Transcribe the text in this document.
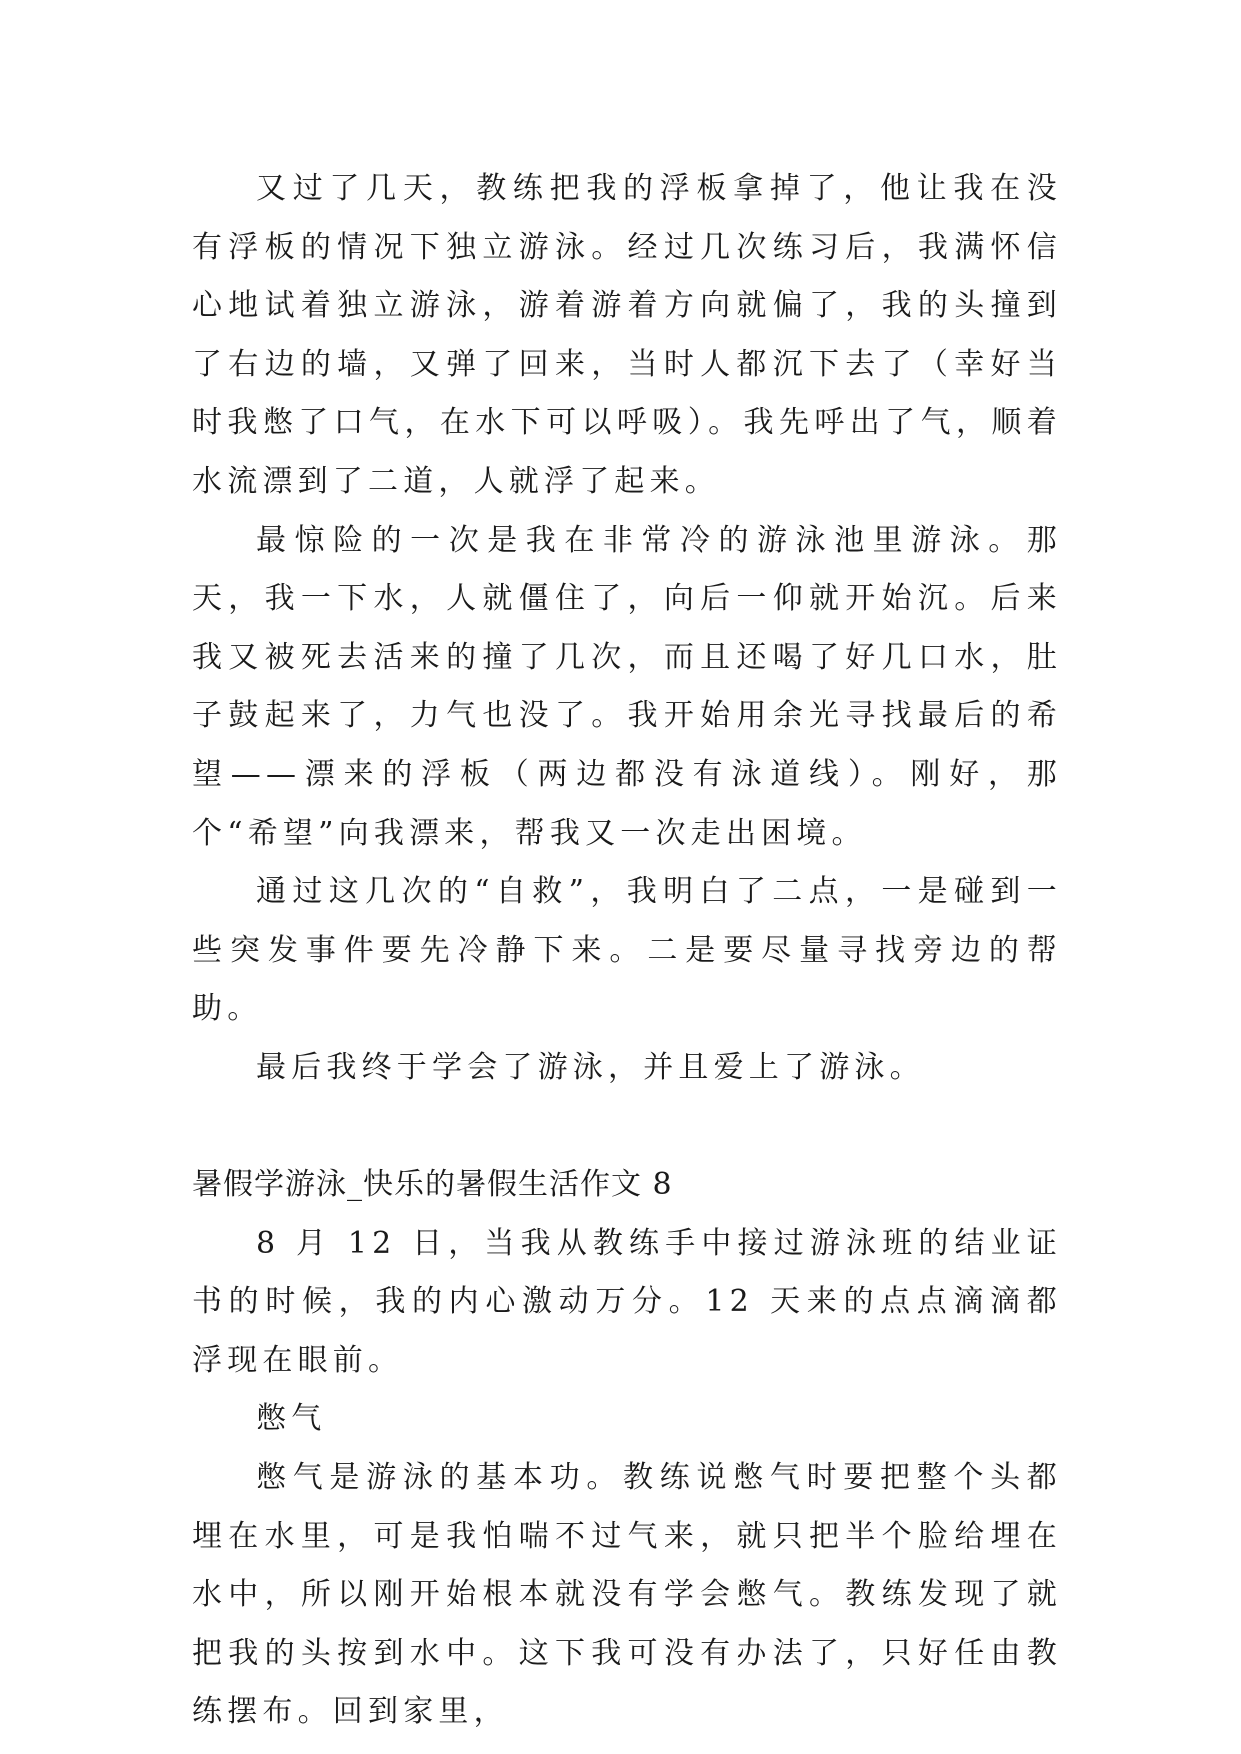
又过了几天，教练把我的浮板拿掉了，他让我在没有浮板的情况下独立游泳。经过几次练习后，我满怀信心地试着独立游泳，游着游着方向就偏了，我的头撞到了右边的墙，又弹了回来，当时人都沉下去了（幸好当时我憋了口气，在水下可以呼吸）。我先呼出了气，顺着水流漂到了二道，人就浮了起来。

最惊险的一次是我在非常冷的游泳池里游泳。那天，我一下水，人就僵住了，向后一仰就开始沉。后来我又被死去活来的撞了几次，而且还喝了好几口水，肚子鼓起来了，力气也没了。我开始用余光寻找最后的希望——漂来的浮板（两边都没有泳道线）。刚好，那个“希望”向我漂来，帮我又一次走出困境。

通过这几次的“自救”，我明白了二点，一是碰到一些突发事件要先冷静下来。二是要尽量寻找旁边的帮助。

最后我终于学会了游泳，并且爱上了游泳。

暑假学游泳_快乐的暑假生活作文 8

8 月 12 日，当我从教练手中接过游泳班的结业证书的时候，我的内心激动万分。12 天来的点点滴滴都浮现在眼前。

憋气

憋气是游泳的基本功。教练说憋气时要把整个头都埋在水里，可是我怕喘不过气来，就只把半个脸给埋在水中，所以刚开始根本就没有学会憋气。教练发现了就把我的头按到水中。这下我可没有办法了，只好任由教练摆布。回到家里，
